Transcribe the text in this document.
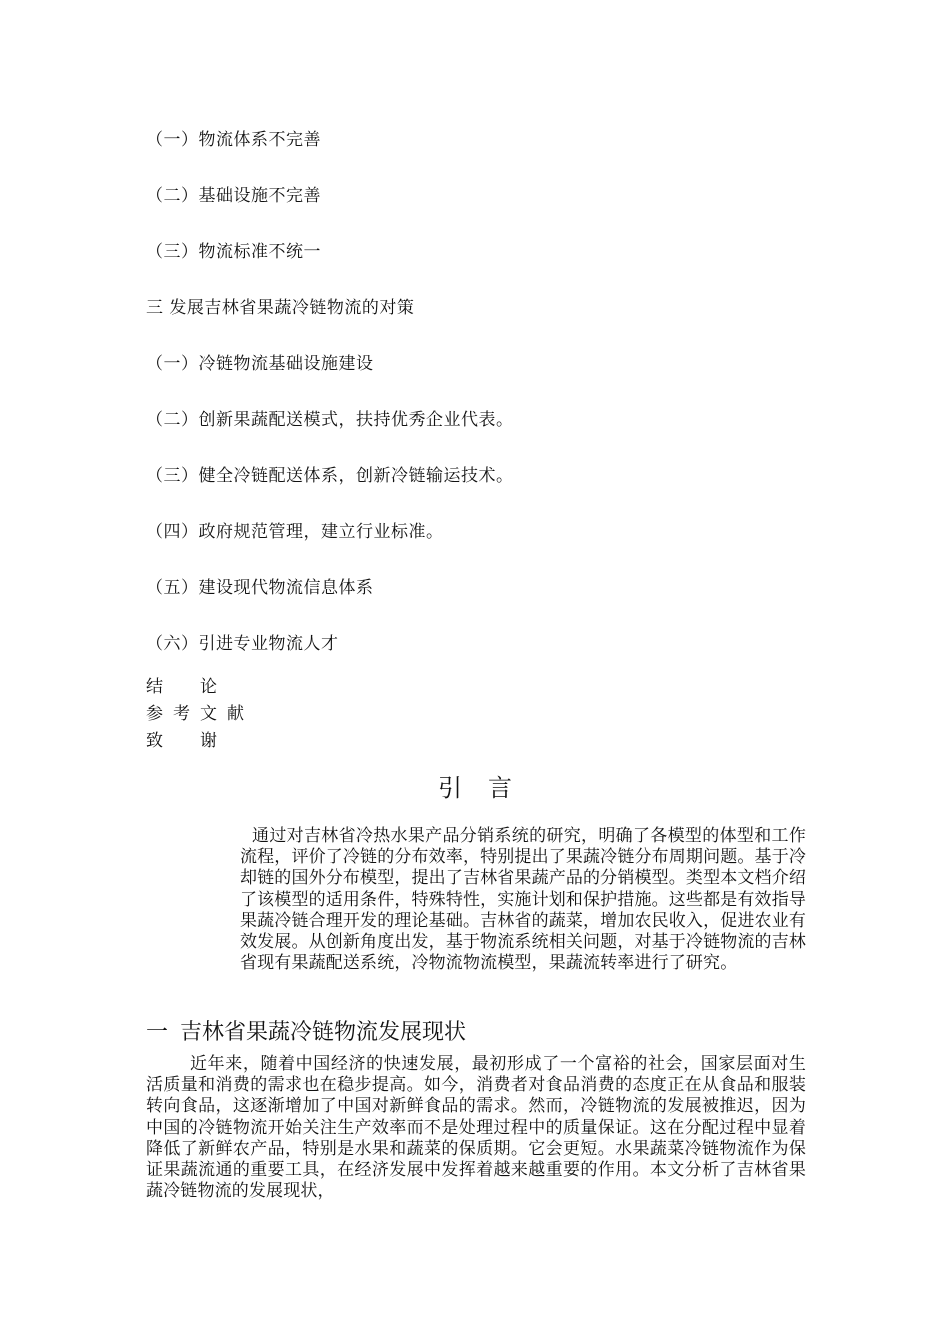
（一）物流体系不完善
（二）基础设施不完善
（三）物流标准不统一
三 发展吉林省果蔬冷链物流的对策
（一）冷链物流基础设施建设
（二）创新果蔬配送模式，扶持优秀企业代表。
（三）健全冷链配送体系，创新冷链输运技术。
（四）政府规范管理，建立行业标准。
（五）建设现代物流信息体系
（六）引进专业物流人才
结论
参考文献
致谢
引言
通过对吉林省冷热水果产品分销系统的研究，明确了各模型的体型和工作流程，评价了冷链的分布效率，特别提出了果蔬冷链分布周期问题。基于冷却链的国外分布模型，提出了吉林省果蔬产品的分销模型。类型本文档介绍了该模型的适用条件，特殊特性，实施计划和保护措施。这些都是有效指导果蔬冷链合理开发的理论基础。吉林省的蔬菜，增加农民收入，促进农业有效发展。从创新角度出发，基于物流系统相关问题，对基于冷链物流的吉林省现有果蔬配送系统，冷物流物流模型，果蔬流转率进行了研究。
一 吉林省果蔬冷链物流发展现状
近年来，随着中国经济的快速发展，最初形成了一个富裕的社会，国家层面对生活质量和消费的需求也在稳步提高。如今，消费者对食品消费的态度正在从食品和服装转向食品，这逐渐增加了中国对新鲜食品的需求。然而，冷链物流的发展被推迟，因为中国的冷链物流开始关注生产效率而不是处理过程中的质量保证。这在分配过程中显着降低了新鲜农产品，特别是水果和蔬菜的保质期。它会更短。水果蔬菜冷链物流作为保证果蔬流通的重要工具，在经济发展中发挥着越来越重要的作用。本文分析了吉林省果蔬冷链物流的发展现状，
